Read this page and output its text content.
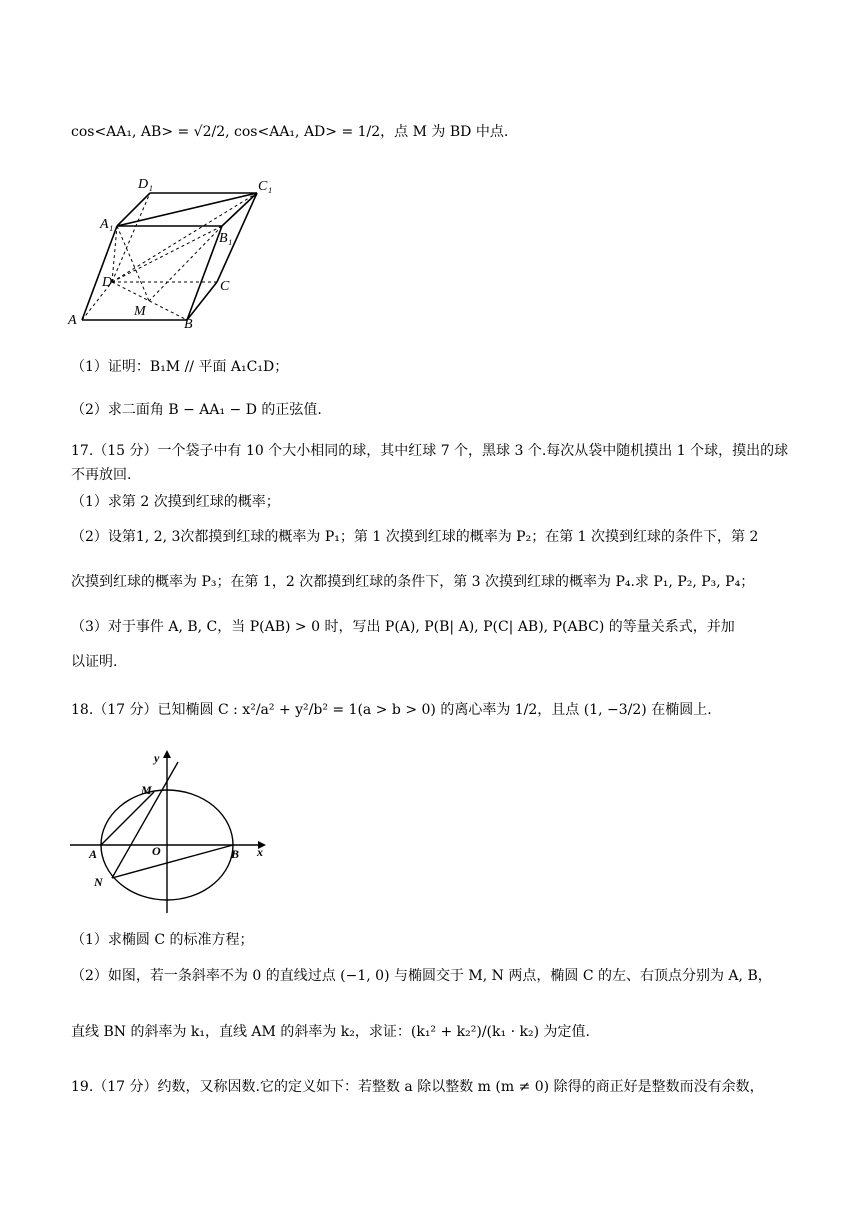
cos<AA₁, AB> = √2/2, cos<AA₁, AD> = 1/2，点 M 为 BD 中点.
D₁	C₁
A₁
B₁
D	C
A
M
B
（1）证明：B₁M // 平面 A₁C₁D；
（2）求二面角 B − AA₁ − D 的正弦值.
17.（15 分）一个袋子中有 10 个大小相同的球，其中红球 7 个，黑球 3 个.每次从袋中随机摸出 1 个球，摸出的球不再放回.
（1）求第 2 次摸到红球的概率；
（2）设第1, 2, 3次都摸到红球的概率为 P₁；第 1 次摸到红球的概率为 P₂；在第 1 次摸到红球的条件下，第 2
次摸到红球的概率为 P₃；在第 1，2 次都摸到红球的条件下，第 3 次摸到红球的概率为 P₄.求 P₁, P₂, P₃, P₄；
（3）对于事件 A, B, C，当 P(AB) > 0 时，写出 P(A), P(B| A), P(C| AB), P(ABC) 的等量关系式，并加
以证明.
18.（17 分）已知椭圆 C : x²/a² + y²/b² = 1(a > b > 0) 的离心率为 1/2，且点 (1, −3/2) 在椭圆上.
y
M
A	O	B x
N
（1）求椭圆 C 的标准方程；
（2）如图，若一条斜率不为 0 的直线过点 (−1, 0) 与椭圆交于 M, N 两点，椭圆 C 的左、右顶点分别为 A, B，
直线 BN 的斜率为 k₁，直线 AM 的斜率为 k₂，求证：(k₁² + k₂²)/(k₁ · k₂) 为定值.
19.（17 分）约数，又称因数.它的定义如下：若整数 a 除以整数 m (m ≠ 0) 除得的商正好是整数而没有余数，
